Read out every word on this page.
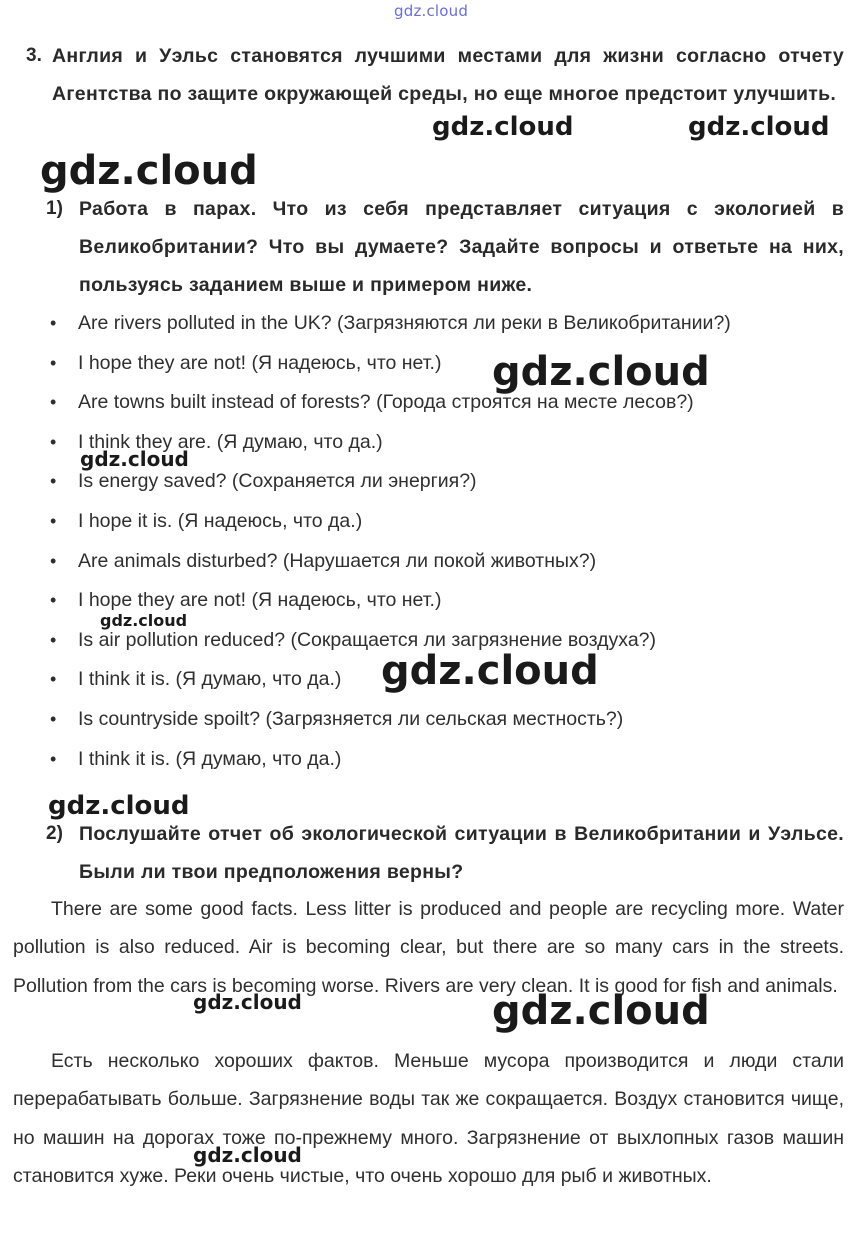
gdz.cloud
3. Англия и Уэльс становятся лучшими местами для жизни согласно отчету Агентства по защите окружающей среды, но еще многое предстоит улучшить.

1) Работа в парах. Что из себя представляет ситуация с экологией в Великобритании? Что вы думаете? Задайте вопросы и ответьте на них, пользуясь заданием выше и примером ниже.

• Are rivers polluted in the UK? (Загрязняются ли реки в Великобритании?)
• I hope they are not! (Я надеюсь, что нет.)
• Are towns built instead of forests? (Города строятся на месте лесов?)
• I think they are. (Я думаю, что да.)
• Is energy saved? (Сохраняется ли энергия?)
• I hope it is. (Я надеюсь, что да.)
• Are animals disturbed? (Нарушается ли покой животных?)
• I hope they are not! (Я надеюсь, что нет.)
• Is air pollution reduced? (Сокращается ли загрязнение воздуха?)
• I think it is. (Я думаю, что да.)
• Is countryside spoilt? (Загрязняется ли сельская местность?)
• I think it is. (Я думаю, что да.)
2) Послушайте отчет об экологической ситуации в Великобритании и Уэльсе. Были ли твои предположения верны?

There are some good facts. Less litter is produced and people are recycling more. Water pollution is also reduced. Air is becoming clear, but there are so many cars in the streets. Pollution from the cars is becoming worse. Rivers are very clean. It is good for fish and animals.

Есть несколько хороших фактов. Меньше мусора производится и люди стали перерабатывать больше. Загрязнение воды так же сокращается. Воздух становится чище, но машин на дорогах тоже по-прежнему много. Загрязнение от выхлопных газов машин становится хуже. Реки очень чистые, что очень хорошо для рыб и животных.

gdz.cloud	gdz.cloud
gdz.cloud
gdz.cloud
gdz.cloud
gdz.cloud
gdz.cloud
gdz.cloud
gdz.cloud	gdz.cloud
gdz.cloud
